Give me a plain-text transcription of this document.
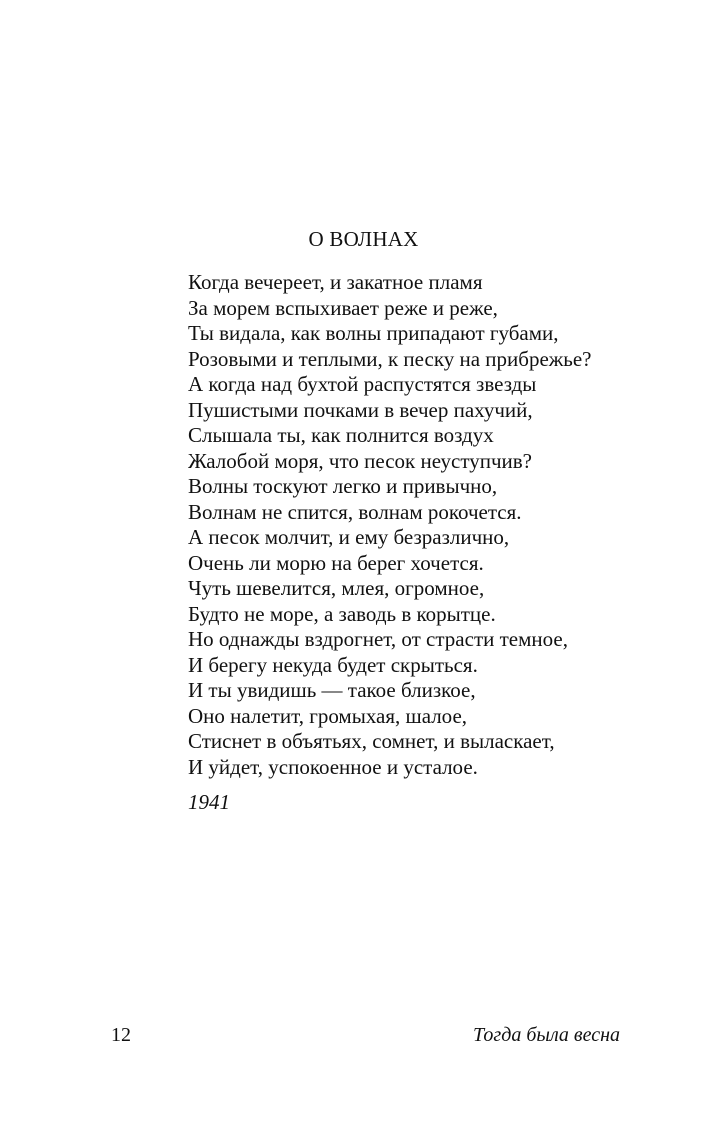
О ВОЛНАХ
Когда вечереет, и закатное пламя
За морем вспыхивает реже и реже,
Ты видала, как волны припадают губами,
Розовыми и теплыми, к песку на прибрежье?
А когда над бухтой распустятся звезды
Пушистыми почками в вечер пахучий,
Слышала ты, как полнится воздух
Жалобой моря, что песок неуступчив?
Волны тоскуют легко и привычно,
Волнам не спится, волнам рокочется.
А песок молчит, и ему безразлично,
Очень ли морю на берег хочется.
Чуть шевелится, млея, огромное,
Будто не море, а заводь в корытце.
Но однажды вздрогнет, от страсти темное,
И берегу некуда будет скрыться.
И ты увидишь — такое близкое,
Оно налетит, громыхая, шалое,
Стиснет в объятьях, сомнет, и выласкает,
И уйдет, успокоенное и усталое.

1941

12	Тогда была весна
